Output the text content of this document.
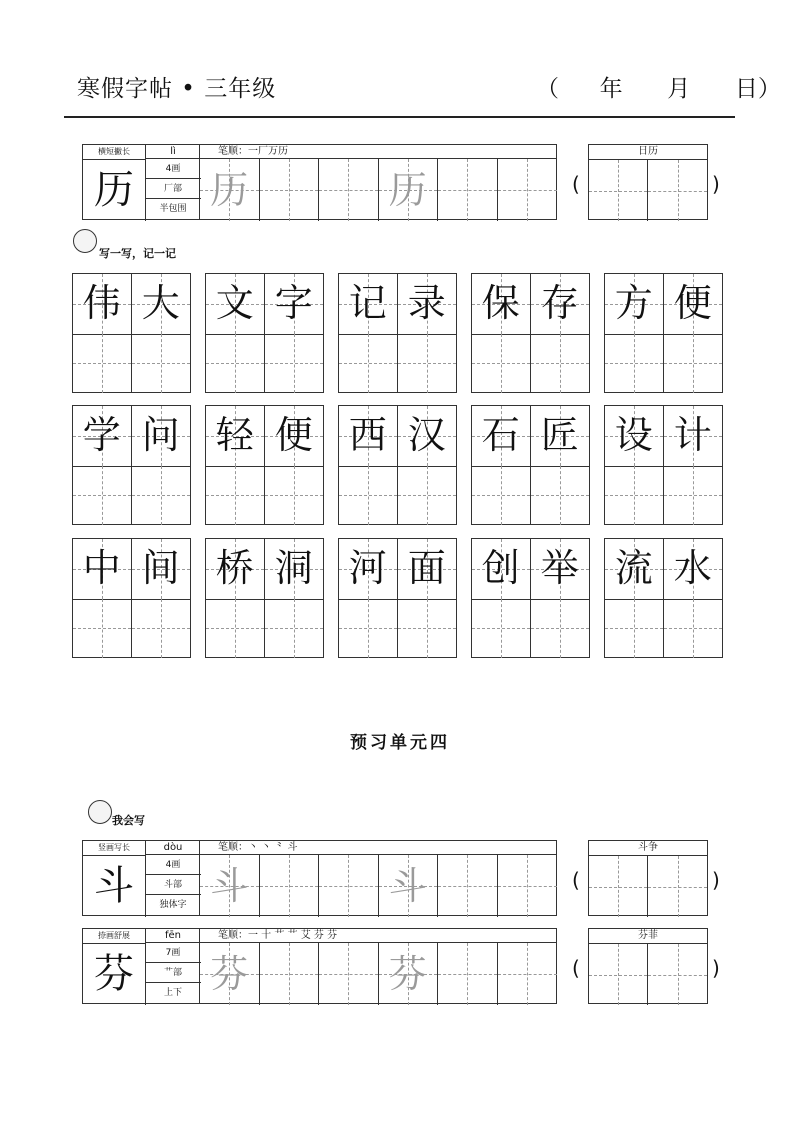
寒假字帖 • 三年级	（ 年 月 日）
横短撇长	lì
历	4画
厂部
半包围
笔顺：一厂万历
历	历	(
日历
)
写一写，记一记
伟 大 文 字 记 录 保 存 方 便
学 问 轻 便 西 汉 石 匠 设 计
中 间 桥 洞 河 面 创 举 流 水
预习单元四
我会写
竖画写长	dòu
斗	4画
斗部
独体字
笔顺：丶 丶 ⺀ 斗
斗	斗	(
斗争
)
捺画舒展	fēn
芬	7画
艹部
上下
笔顺：一 十 艹 艹 艾 芬 芬
芬	芬	(
芬菲
)
